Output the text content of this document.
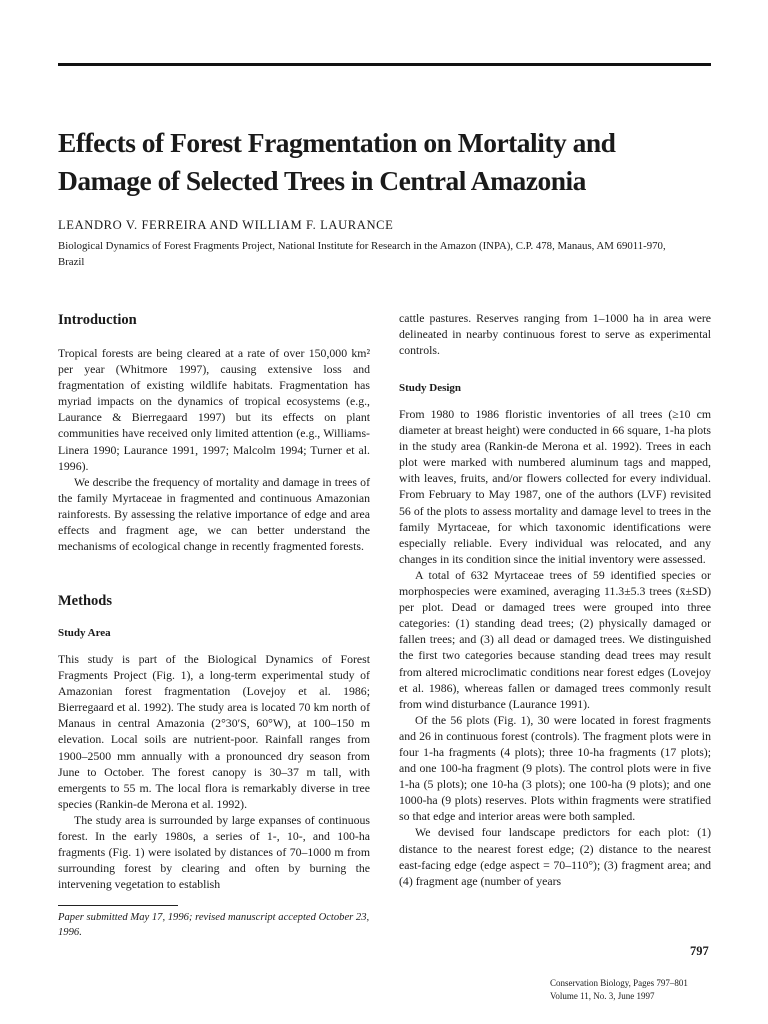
Effects of Forest Fragmentation on Mortality and Damage of Selected Trees in Central Amazonia

LEANDRO V. FERREIRA AND WILLIAM F. LAURANCE

Biological Dynamics of Forest Fragments Project, National Institute for Research in the Amazon (INPA), C.P. 478, Manaus, AM 69011-970, Brazil

Introduction

Tropical forests are being cleared at a rate of over 150,000 km² per year (Whitmore 1997), causing extensive loss and fragmentation of existing wildlife habitats. Fragmentation has myriad impacts on the dynamics of tropical ecosystems (e.g., Laurance & Bierregaard 1997) but its effects on plant communities have received only limited attention (e.g., Williams-Linera 1990; Laurance 1991, 1997; Malcolm 1994; Turner et al. 1996).

We describe the frequency of mortality and damage in trees of the family Myrtaceae in fragmented and continuous Amazonian rainforests. By assessing the relative importance of edge and area effects and fragment age, we can better understand the mechanisms of ecological change in recently fragmented forests.

Methods
Study Area

This study is part of the Biological Dynamics of Forest Fragments Project (Fig. 1), a long-term experimental study of Amazonian forest fragmentation (Lovejoy et al. 1986; Bierregaard et al. 1992). The study area is located 70 km north of Manaus in central Amazonia (2°30′S, 60°W), at 100–150 m elevation. Local soils are nutrient-poor. Rainfall ranges from 1900–2500 mm annually with a pronounced dry season from June to October. The forest canopy is 30–37 m tall, with emergents to 55 m. The local flora is remarkably diverse in tree species (Rankin-de Merona et al. 1992).

The study area is surrounded by large expanses of continuous forest. In the early 1980s, a series of 1-, 10-, and 100-ha fragments (Fig. 1) were isolated by distances of 70–1000 m from surrounding forest by clearing and often by burning the intervening vegetation to establish

Paper submitted May 17, 1996; revised manuscript accepted October 23, 1996.

cattle pastures. Reserves ranging from 1–1000 ha in area were delineated in nearby continuous forest to serve as experimental controls.

Study Design

From 1980 to 1986 floristic inventories of all trees (≥10 cm diameter at breast height) were conducted in 66 square, 1-ha plots in the study area (Rankin-de Merona et al. 1992). Trees in each plot were marked with numbered aluminum tags and mapped, with leaves, fruits, and/or flowers collected for every individual. From February to May 1987, one of the authors (LVF) revisited 56 of the plots to assess mortality and damage level to trees in the family Myrtaceae, for which taxonomic identifications were especially reliable. Every individual was relocated, and any changes in its condition since the initial inventory were assessed.

A total of 632 Myrtaceae trees of 59 identified species or morphospecies were examined, averaging 11.3±5.3 trees (x̄±SD) per plot. Dead or damaged trees were grouped into three categories: (1) standing dead trees; (2) physically damaged or fallen trees; and (3) all dead or damaged trees. We distinguished the first two categories because standing dead trees may result from altered microclimatic conditions near forest edges (Lovejoy et al. 1986), whereas fallen or damaged trees commonly result from wind disturbance (Laurance 1991).

Of the 56 plots (Fig. 1), 30 were located in forest fragments and 26 in continuous forest (controls). The fragment plots were in four 1-ha fragments (4 plots); three 10-ha fragments (17 plots); and one 100-ha fragment (9 plots). The control plots were in five 1-ha (5 plots); one 10-ha (3 plots); one 100-ha (9 plots); and one 1000-ha (9 plots) reserves. Plots within fragments were stratified so that edge and interior areas were both sampled.

We devised four landscape predictors for each plot: (1) distance to the nearest forest edge; (2) distance to the nearest east-facing edge (edge aspect = 70–110°); (3) fragment area; and (4) fragment age (number of years

797

Conservation Biology, Pages 797–801
Volume 11, No. 3, June 1997
